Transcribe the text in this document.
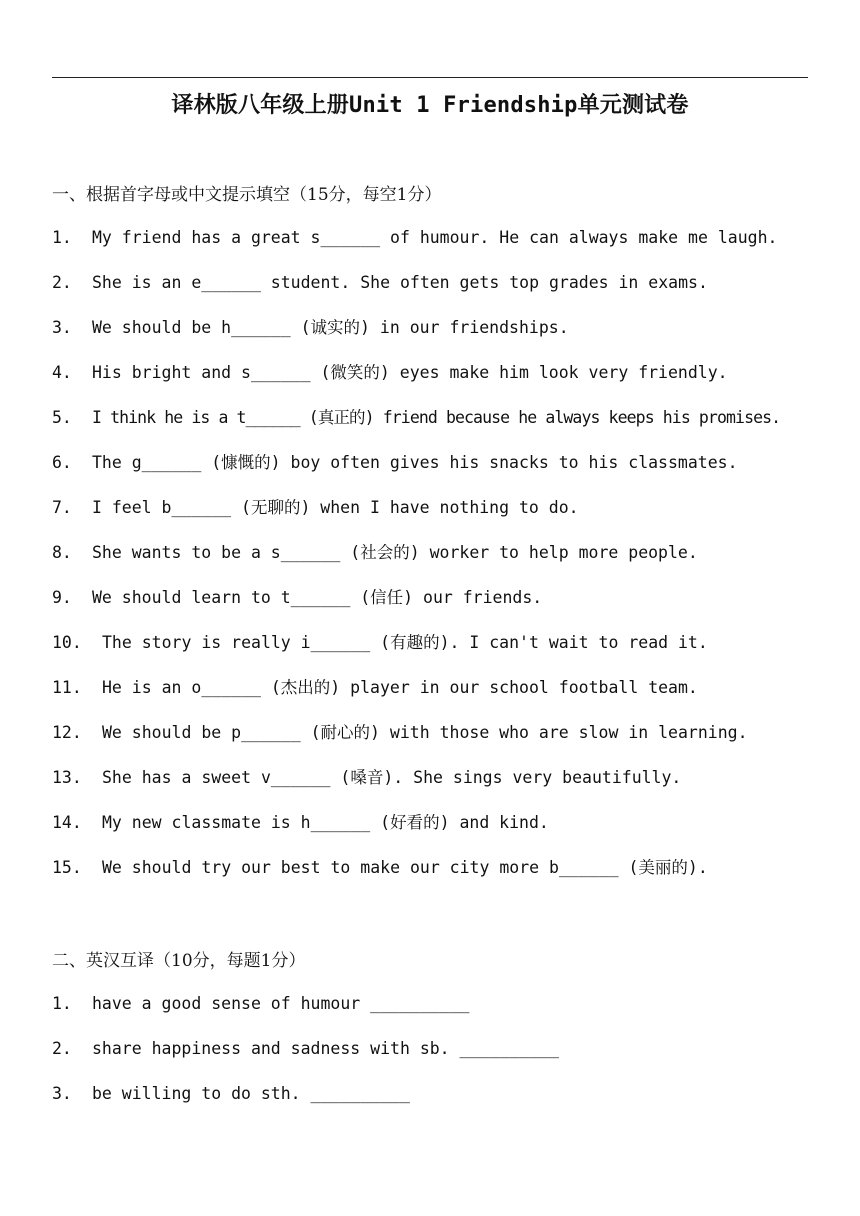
译林版八年级上册Unit 1 Friendship单元测试卷
一、根据首字母或中文提示填空（15分，每空1分）
1. My friend has a great s______ of humour. He can always make me laugh.
2. She is an e______ student. She often gets top grades in exams.
3. We should be h______ (诚实的) in our friendships.
4. His bright and s______ (微笑的) eyes make him look very friendly.
5. I think he is a t______ (真正的) friend because he always keeps his promises.
6. The g______ (慷慨的) boy often gives his snacks to his classmates.
7. I feel b______ (无聊的) when I have nothing to do.
8. She wants to be a s______ (社会的) worker to help more people.
9. We should learn to t______ (信任) our friends.
10. The story is really i______ (有趣的). I can't wait to read it.
11. He is an o______ (杰出的) player in our school football team.
12. We should be p______ (耐心的) with those who are slow in learning.
13. She has a sweet v______ (嗓音). She sings very beautifully.
14. My new classmate is h______ (好看的) and kind.
15. We should try our best to make our city more b______ (美丽的).
二、英汉互译（10分，每题1分）
1. have a good sense of humour __________
2. share happiness and sadness with sb. __________
3. be willing to do sth. __________
